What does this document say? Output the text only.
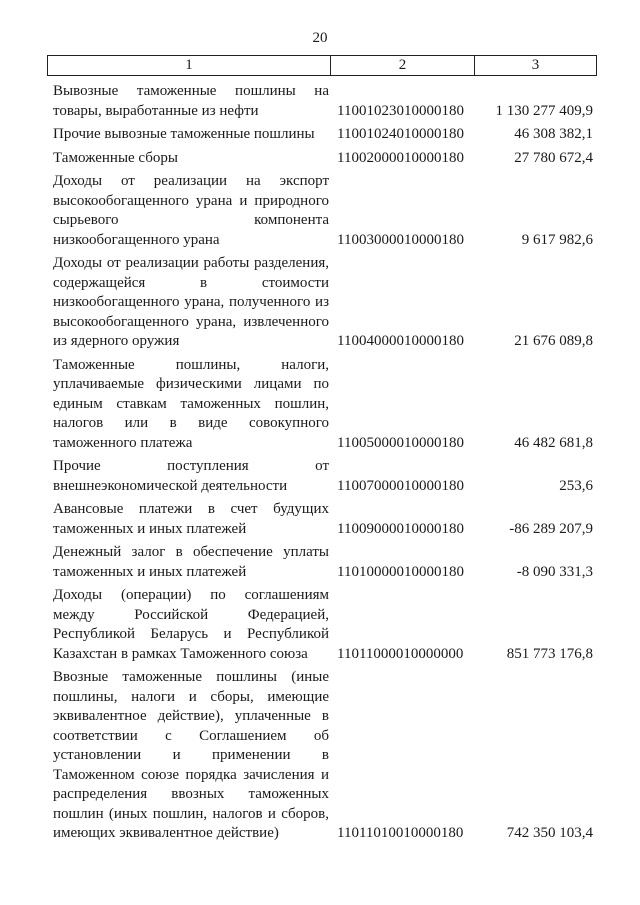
20
1	2	3
Вывозные таможенные пошлины на
товары, выработанные из нефти	11001023010000180	1 130 277 409,9
Прочие вывозные таможенные пошлины	11001024010000180	46 308 382,1
Таможенные сборы	11002000010000180	27 780 672,4
Доходы от реализации на экспорт
высокообогащенного урана и природного
сырьевого компонента
низкообогащенного урана	11003000010000180	9 617 982,6
Доходы от реализации работы разделения,
содержащейся в стоимости
низкообогащенного урана, полученного из
высокообогащенного урана, извлеченного
из ядерного оружия	11004000010000180	21 676 089,8
Таможенные пошлины, налоги,
уплачиваемые физическими лицами по
единым ставкам таможенных пошлин,
налогов или в виде совокупного
таможенного платежа	11005000010000180	46 482 681,8
Прочие поступления от
внешнеэкономической деятельности	11007000010000180	253,6
Авансовые платежи в счет будущих
таможенных и иных платежей	11009000010000180	-86 289 207,9
Денежный залог в обеспечение уплаты
таможенных и иных платежей	11010000010000180	-8 090 331,3
Доходы (операции) по соглашениям
между Российской Федерацией,
Республикой Беларусь и Республикой
Казахстан в рамках Таможенного союза	11011000010000000	851 773 176,8
Ввозные таможенные пошлины (иные
пошлины, налоги и сборы, имеющие
эквивалентное действие), уплаченные в
соответствии с Соглашением об
установлении и применении в
Таможенном союзе порядка зачисления и
распределения ввозных таможенных
пошлин (иных пошлин, налогов и сборов,
имеющих эквивалентное действие)	11011010010000180	742 350 103,4
